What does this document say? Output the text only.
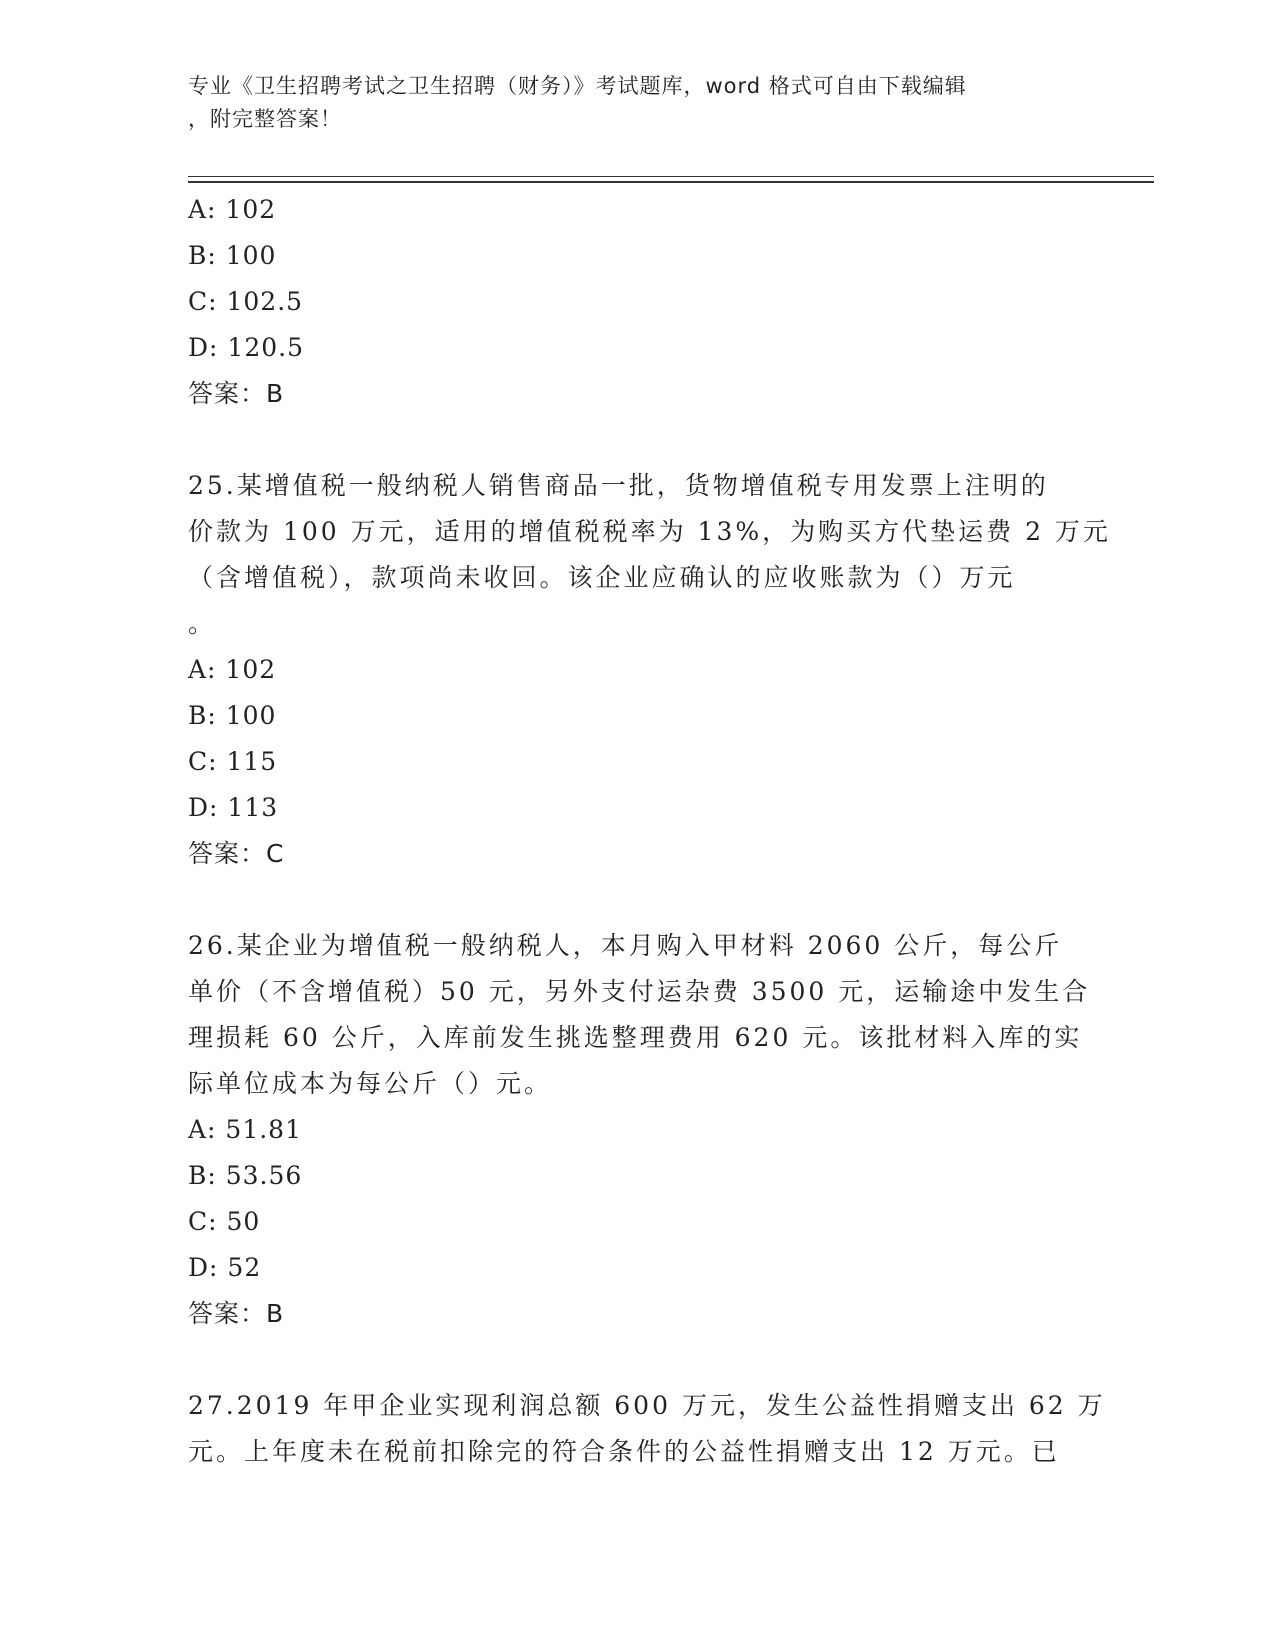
专业《卫生招聘考试之卫生招聘（财务）》考试题库，word 格式可自由下载编辑
，附完整答案！
A: 102
B: 100
C: 102.5
D: 120.5
答案：B
25.某增值税一般纳税人销售商品一批，货物增值税专用发票上注明的
价款为 100 万元，适用的增值税税率为 13%，为购买方代垫运费 2 万元
（含增值税），款项尚未收回。该企业应确认的应收账款为（）万元
。
A: 102
B: 100
C: 115
D: 113
答案：C
26.某企业为增值税一般纳税人，本月购入甲材料 2060 公斤，每公斤
单价（不含增值税）50 元，另外支付运杂费 3500 元，运输途中发生合
理损耗 60 公斤，入库前发生挑选整理费用 620 元。该批材料入库的实
际单位成本为每公斤（）元。
A: 51.81
B: 53.56
C: 50
D: 52
答案：B
27.2019 年甲企业实现利润总额 600 万元，发生公益性捐赠支出 62 万
元。上年度未在税前扣除完的符合条件的公益性捐赠支出 12 万元。已
